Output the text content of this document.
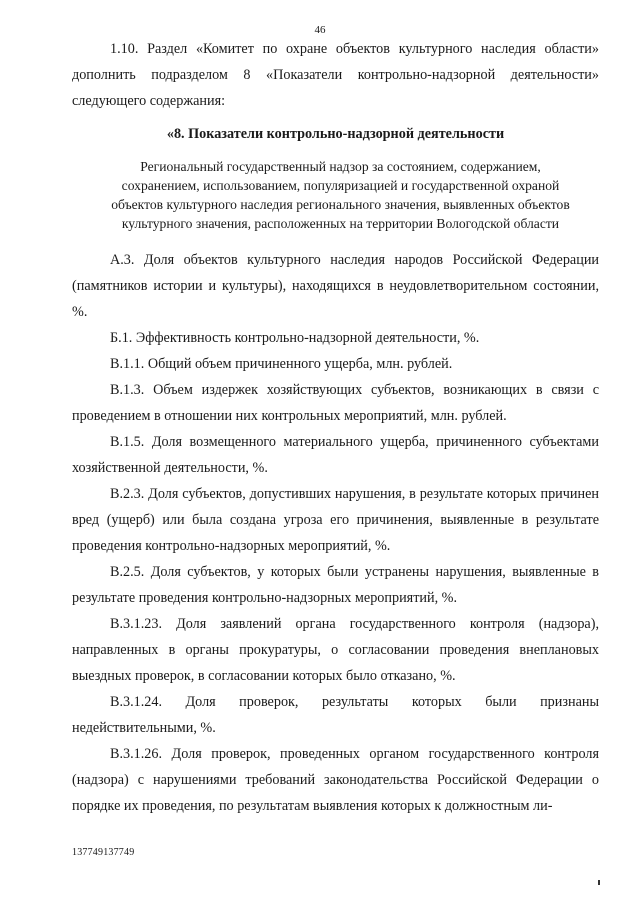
46

1.10. Раздел «Комитет по охране объектов культурного наследия области» дополнить подразделом 8 «Показатели контрольно-надзорной деятельности» следующего содержания:

«8. Показатели контрольно-надзорной деятельности

Региональный государственный надзор за состоянием, содержанием, сохранением, использованием, популяризацией и государственной охраной объектов культурного наследия регионального значения, выявленных объектов культурного значения, расположенных на территории Вологодской области

А.3. Доля объектов культурного наследия народов Российской Федерации (памятников истории и культуры), находящихся в неудовлетворительном состоянии, %.

Б.1. Эффективность контрольно-надзорной деятельности, %.

В.1.1. Общий объем причиненного ущерба, млн. рублей.

В.1.3. Объем издержек хозяйствующих субъектов, возникающих в связи с проведением в отношении них контрольных мероприятий, млн. рублей.

В.1.5. Доля возмещенного материального ущерба, причиненного субъектами хозяйственной деятельности, %.

В.2.3. Доля субъектов, допустивших нарушения, в результате которых причинен вред (ущерб) или была создана угроза его причинения, выявленные в результате проведения контрольно-надзорных мероприятий, %.

В.2.5. Доля субъектов, у которых были устранены нарушения, выявленные в результате проведения контрольно-надзорных мероприятий, %.

В.3.1.23. Доля заявлений органа государственного контроля (надзора), направленных в органы прокуратуры, о согласовании проведения внеплановых выездных проверок, в согласовании которых было отказано, %.

В.3.1.24. Доля проверок, результаты которых были признаны недействительными, %.

В.3.1.26. Доля проверок, проведенных органом государственного контроля (надзора) с нарушениями требований законодательства Российской Федерации о порядке их проведения, по результатам выявления которых к должностным ли-

137749137749
